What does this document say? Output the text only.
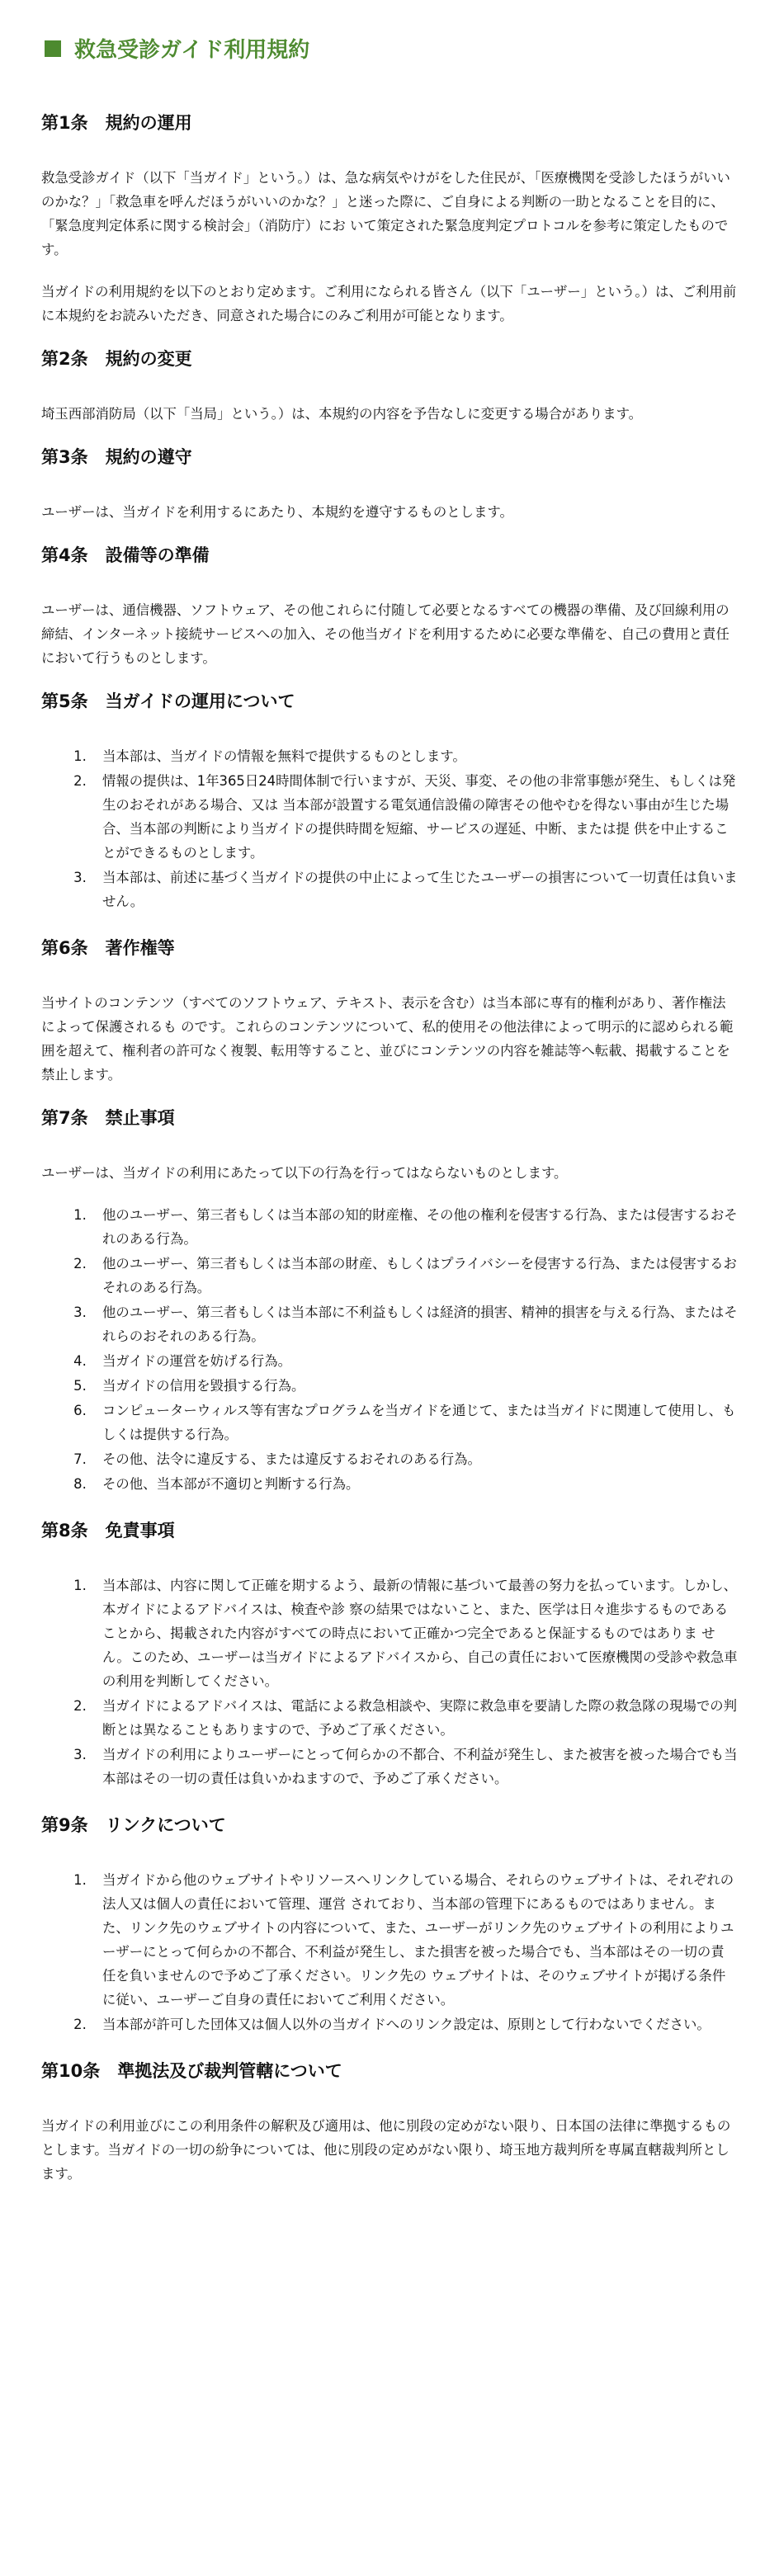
救急受診ガイド利用規約
第1条　規約の運用

救急受診ガイド（以下「当ガイド」という。）は、急な病気やけがをした住民が、「医療機関を受診したほうがいいのかな？」「救急車を呼んだほうがいいのかな？」と迷った際に、ご自身による判断の一助となることを目的に、「緊急度判定体系に関する検討会」（消防庁）にお いて策定された緊急度判定プロトコルを参考に策定したものです。

当ガイドの利用規約を以下のとおり定めます。ご利用になられる皆さん（以下「ユーザー」という。）は、ご利用前に本規約をお読みいただき、同意された場合にのみご利用が可能となります。

第2条　規約の変更

埼玉西部消防局（以下「当局」という。）は、本規約の内容を予告なしに変更する場合があります。

第3条　規約の遵守

ユーザーは、当ガイドを利用するにあたり、本規約を遵守するものとします。

第4条　設備等の準備

ユーザーは、通信機器、ソフトウェア、その他これらに付随して必要となるすべての機器の準備、及び回線利用の締結、インターネット接続サービスへの加入、その他当ガイドを利用するために必要な準備を、自己の費用と責任において行うものとします。

第5条　当ガイドの運用について
1. 当本部は、当ガイドの情報を無料で提供するものとします。
2. 情報の提供は、1年365日24時間体制で行いますが、天災、事変、その他の非常事態が発生、もしくは発生のおそれがある場合、又は 当本部が設置する電気通信設備の障害その他やむを得ない事由が生じた場合、当本部の判断により当ガイドの提供時間を短縮、サービスの遅延、中断、または提 供を中止することができるものとします。
3. 当本部は、前述に基づく当ガイドの提供の中止によって生じたユーザーの損害について一切責任は負いません。
第6条　著作権等

当サイトのコンテンツ（すべてのソフトウェア、テキスト、表示を含む）は当本部に専有的権利があり、著作権法によって保護されるも のです。これらのコンテンツについて、私的使用その他法律によって明示的に認められる範囲を超えて、権利者の許可なく複製、転用等すること、並びにコンテンツの内容を雑誌等へ転載、掲載することを禁止します。

第7条　禁止事項

ユーザーは、当ガイドの利用にあたって以下の行為を行ってはならないものとします。

1. 他のユーザー、第三者もしくは当本部の知的財産権、その他の権利を侵害する行為、または侵害するおそれのある行為。
2. 他のユーザー、第三者もしくは当本部の財産、もしくはプライバシーを侵害する行為、または侵害するおそれのある行為。
3. 他のユーザー、第三者もしくは当本部に不利益もしくは経済的損害、精神的損害を与える行為、またはそれらのおそれのある行為。
4. 当ガイドの運営を妨げる行為。
5. 当ガイドの信用を毀損する行為。
6. コンピューターウィルス等有害なプログラムを当ガイドを通じて、または当ガイドに関連して使用し、もしくは提供する行為。
7. その他、法令に違反する、または違反するおそれのある行為。
8. その他、当本部が不適切と判断する行為。
第8条　免責事項
1. 当本部は、内容に関して正確を期するよう、最新の情報に基づいて最善の努力を払っています。しかし、本ガイドによるアドバイスは、検査や診 察の結果ではないこと、また、医学は日々進歩するものであることから、掲載された内容がすべての時点において正確かつ完全であると保証するものではありま せん。このため、ユーザーは当ガイドによるアドバイスから、自己の責任において医療機関の受診や救急車の利用を判断してください。
2. 当ガイドによるアドバイスは、電話による救急相談や、実際に救急車を要請した際の救急隊の現場での判断とは異なることもありますので、予めご了承ください。
3. 当ガイドの利用によりユーザーにとって何らかの不都合、不利益が発生し、また被害を被った場合でも当本部はその一切の責任は負いかねますので、予めご了承ください。
第9条　リンクについて
1. 当ガイドから他のウェブサイトやリソースへリンクしている場合、それらのウェブサイトは、それぞれの法人又は個人の責任において管理、運営 されており、当本部の管理下にあるものではありません。また、リンク先のウェブサイトの内容について、また、ユーザーがリンク先のウェブサイトの利用によりユーザーにとって何らかの不都合、不利益が発生し、また損害を被った場合でも、当本部はその一切の責任を負いませんので予めご了承ください。リンク先の ウェブサイトは、そのウェブサイトが掲げる条件に従い、ユーザーご自身の責任においてご利用ください。
2. 当本部が許可した団体又は個人以外の当ガイドへのリンク設定は、原則として行わないでください。
第10条　準拠法及び裁判管轄について

当ガイドの利用並びにこの利用条件の解釈及び適用は、他に別段の定めがない限り、日本国の法律に準拠するものとします。当ガイドの一切の紛争については、他に別段の定めがない限り、埼玉地方裁判所を専属直轄裁判所とします。
